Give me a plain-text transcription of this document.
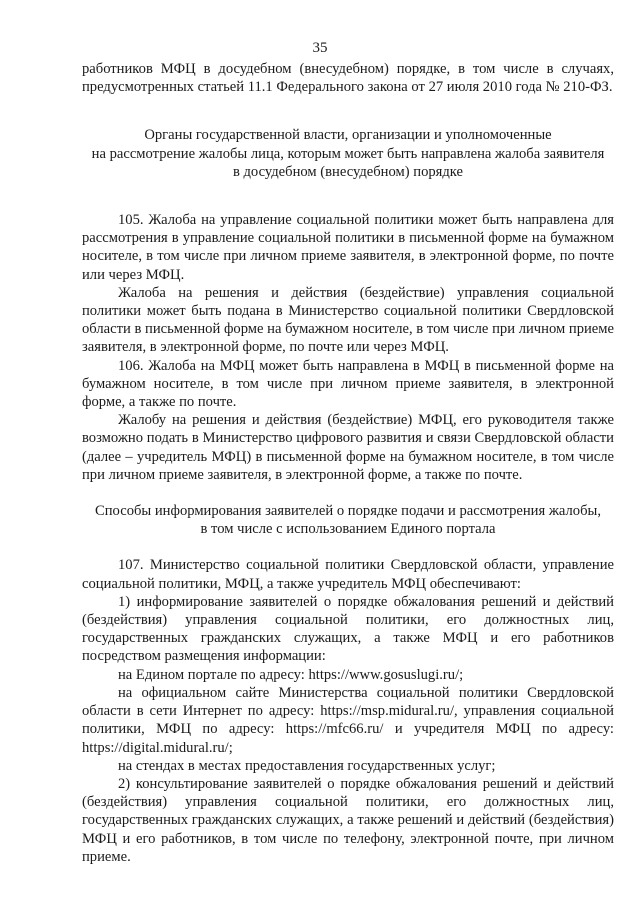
35

работников МФЦ в досудебном (внесудебном) порядке, в том числе в случаях, предусмотренных статьей 11.1 Федерального закона от 27 июля 2010 года № 210-ФЗ.

Органы государственной власти, организации и уполномоченные
на рассмотрение жалобы лица, которым может быть направлена жалоба заявителя
в досудебном (внесудебном) порядке

105. Жалоба на управление социальной политики может быть направлена для рассмотрения в управление социальной политики в письменной форме на бумажном носителе, в том числе при личном приеме заявителя, в электронной форме, по почте или через МФЦ.

Жалоба на решения и действия (бездействие) управления социальной политики может быть подана в Министерство социальной политики Свердловской области в письменной форме на бумажном носителе, в том числе при личном приеме заявителя, в электронной форме, по почте или через МФЦ.

106. Жалоба на МФЦ может быть направлена в МФЦ в письменной форме на бумажном носителе, в том числе при личном приеме заявителя, в электронной форме, а также по почте.

Жалобу на решения и действия (бездействие) МФЦ, его руководителя также возможно подать в Министерство цифрового развития и связи Свердловской области (далее – учредитель МФЦ) в письменной форме на бумажном носителе, в том числе при личном приеме заявителя, в электронной форме, а также по почте.

Способы информирования заявителей о порядке подачи и рассмотрения жалобы,
в том числе с использованием Единого портала

107. Министерство социальной политики Свердловской области, управление социальной политики, МФЦ, а также учредитель МФЦ обеспечивают:

1) информирование заявителей о порядке обжалования решений и действий (бездействия) управления социальной политики, его должностных лиц, государственных гражданских служащих, а также МФЦ и его работников посредством размещения информации:

на Едином портале по адресу: https://www.gosuslugi.ru/;

на официальном сайте Министерства социальной политики Свердловской области в сети Интернет по адресу: https://msp.midural.ru/, управления социальной политики, МФЦ по адресу: https://mfc66.ru/ и учредителя МФЦ по адресу: https://digital.midural.ru/;

на стендах в местах предоставления государственных услуг;

2) консультирование заявителей о порядке обжалования решений и действий (бездействия) управления социальной политики, его должностных лиц, государственных гражданских служащих, а также решений и действий (бездействия) МФЦ и его работников, в том числе по телефону, электронной почте, при личном приеме.
